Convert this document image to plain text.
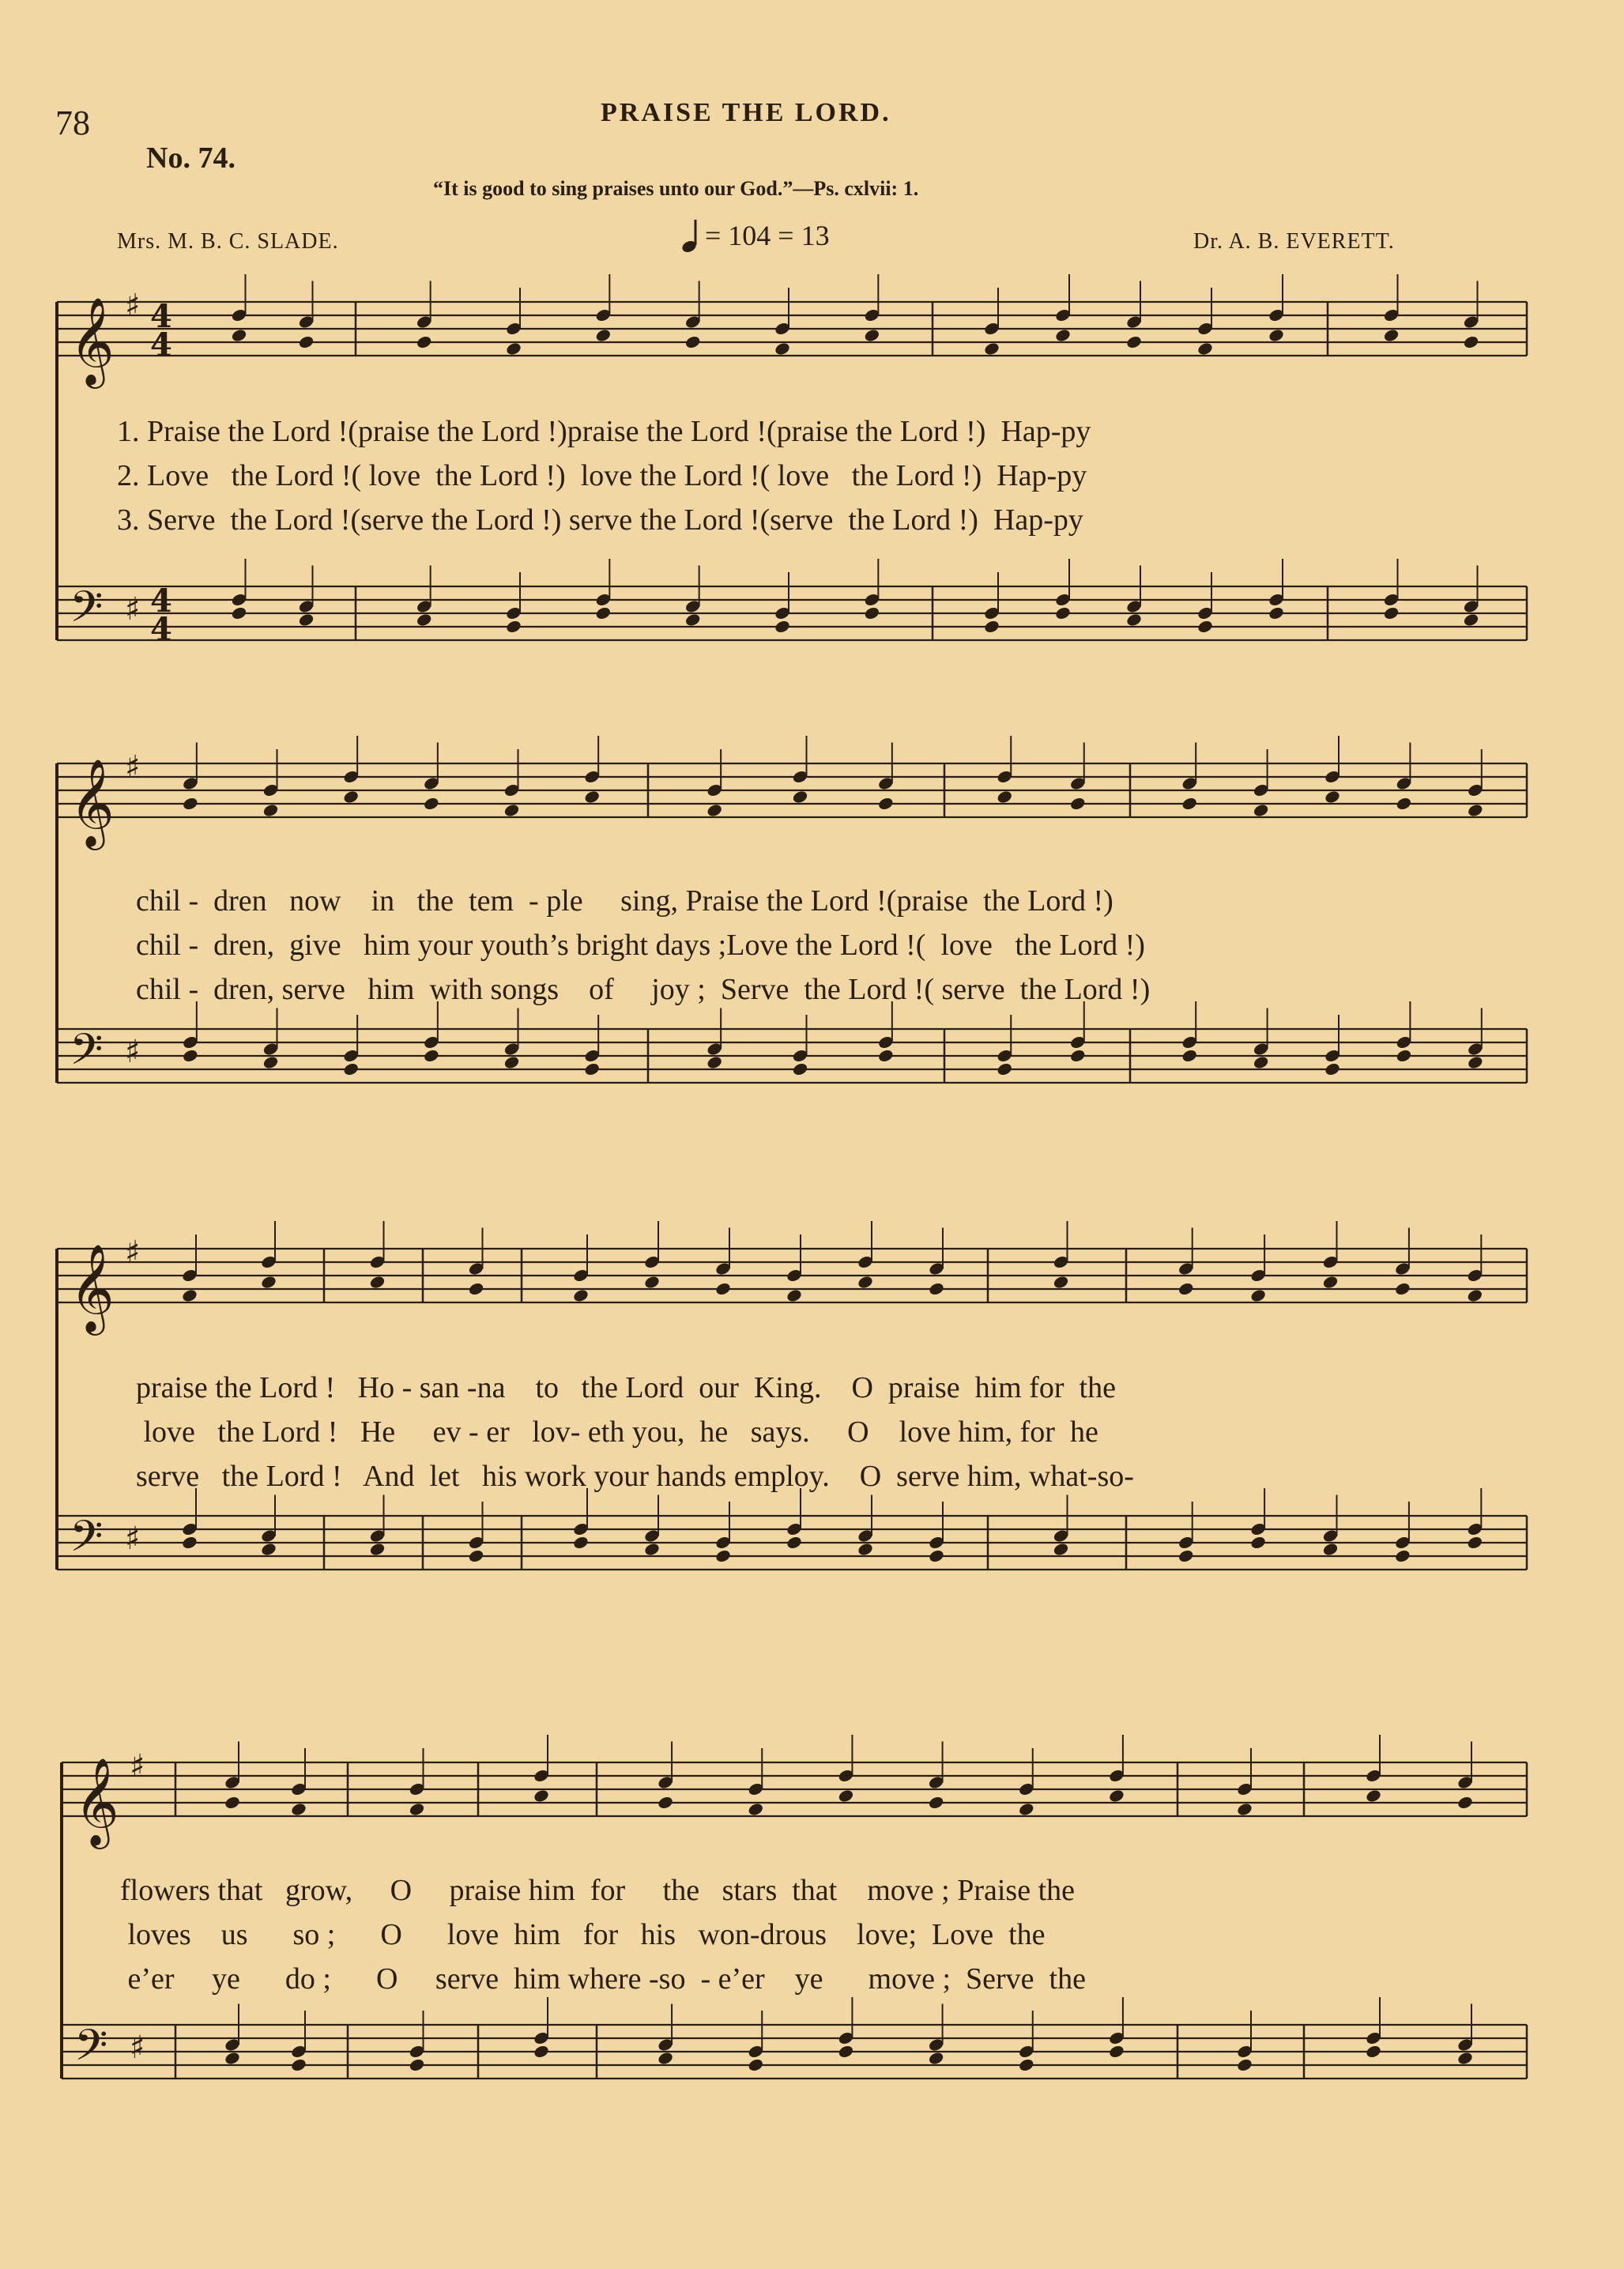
78	PRAISE THE LORD.
No. 74.
“It is good to sing praises unto our God.”—Ps. cxlvii: 1.
Mrs. M. B. C. SLADE.	= 104 = 13	Dr. A. B. EVERETT.
𝄞 ♯ 4
4
𝄢 ♯ 4
4
𝄞 ♯
𝄢 ♯
𝄞 ♯
𝄢 ♯
𝄞 ♯
𝄢 ♯
1. Praise the Lord !(praise the Lord !)praise the Lord !(praise the Lord !)  Hap-py
2. Love   the Lord !( love  the Lord !)  love the Lord !( love   the Lord !)  Hap-py
3. Serve  the Lord !(serve the Lord !) serve the Lord !(serve  the Lord !)  Hap-py
chil -  dren   now    in   the  tem  - ple     sing, Praise the Lord !(praise  the Lord !)
chil -  dren,  give   him your youth’s bright days ;Love the Lord !(  love   the Lord !)
chil -  dren, serve   him  with songs    of     joy ;  Serve  the Lord !( serve  the Lord !)
praise the Lord !   Ho - san -na    to   the Lord  our  King.    O  praise  him for  the
love   the Lord !   He     ev - er   lov- eth you,  he   says.     O    love him, for  he
serve   the Lord !   And  let   his work your hands employ.    O  serve him, what-so-
flowers that   grow,     O     praise him  for     the   stars  that    move ; Praise the
loves    us      so ;      O      love  him   for   his   won-drous    love;  Love  the
e’er     ye      do ;      O     serve  him where -so  - e’er    ye      move ;  Serve  the
